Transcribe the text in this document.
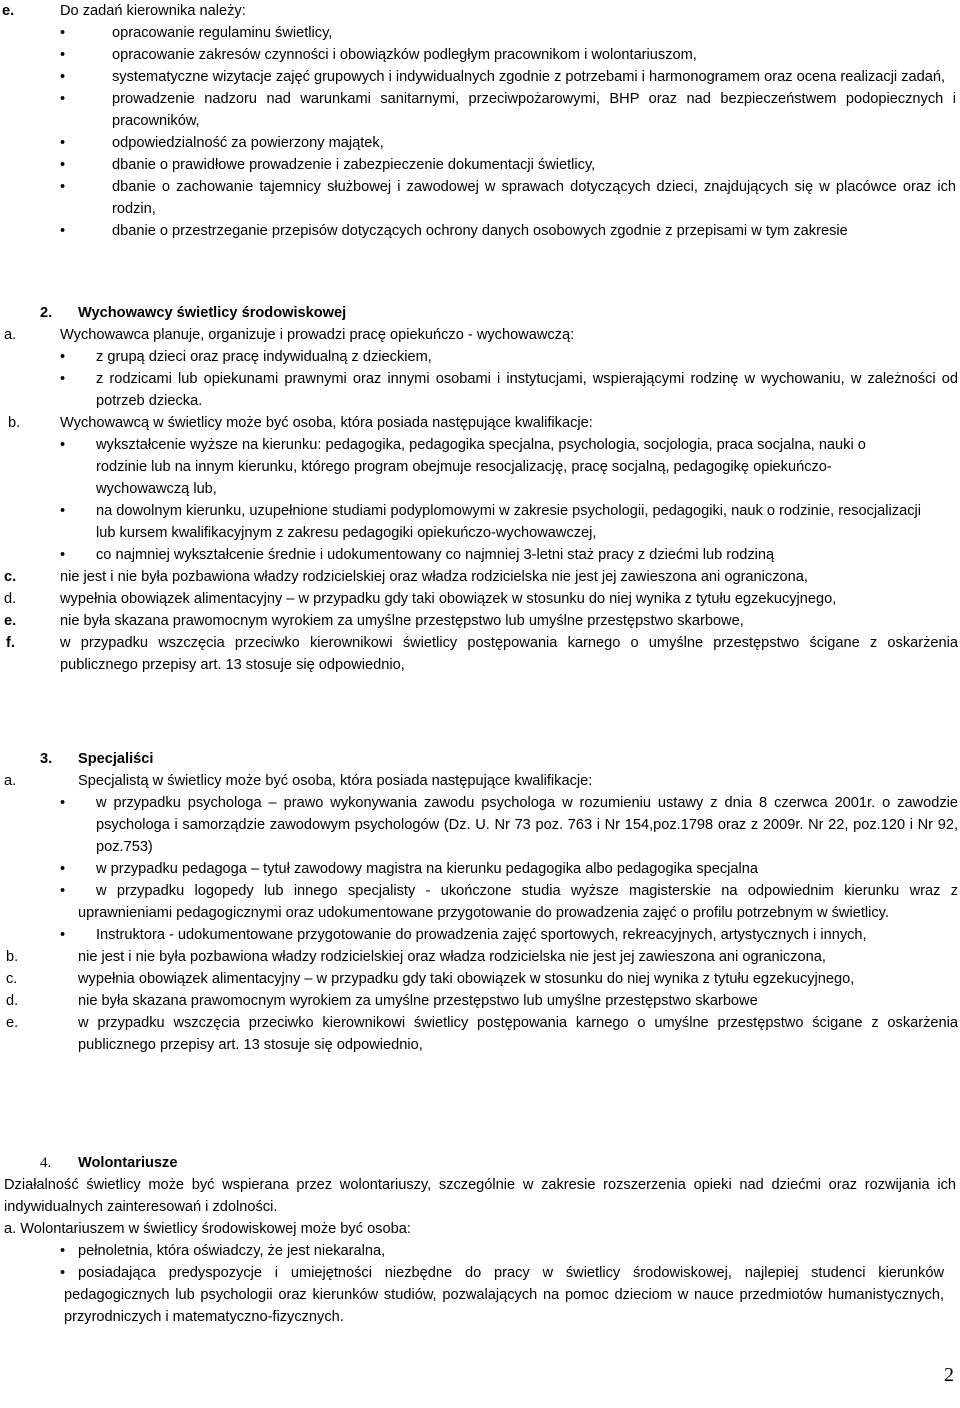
e.	Do zadań kierownika należy:
•	opracowanie regulaminu świetlicy,
•	opracowanie zakresów czynności i obowiązków podległym pracownikom i wolontariuszom,
•	systematyczne wizytacje zajęć grupowych i indywidualnych zgodnie z potrzebami i harmonogramem oraz ocena realizacji zadań,
•	prowadzenie nadzoru nad warunkami sanitarnymi, przeciwpożarowymi, BHP oraz nad bezpieczeństwem podopiecznych i pracowników,
•	odpowiedzialność za powierzony majątek,
•	dbanie o prawidłowe prowadzenie i zabezpieczenie dokumentacji świetlicy,
•	dbanie o zachowanie tajemnicy służbowej i zawodowej w sprawach dotyczących dzieci, znajdujących się w placówce oraz ich rodzin,
•	dbanie o przestrzeganie przepisów dotyczących ochrony danych osobowych zgodnie z przepisami w tym zakresie
2. Wychowawcy świetlicy środowiskowej
a.	Wychowawca planuje, organizuje i prowadzi pracę opiekuńczo - wychowawczą:
• z grupą dzieci oraz pracę indywidualną z dzieckiem,
• z rodzicami lub opiekunami prawnymi oraz innymi osobami i instytucjami, wspierającymi rodzinę w wychowaniu, w zależności od potrzeb dziecka.
b.	Wychowawcą w świetlicy może być osoba, która posiada następujące kwalifikacje:
• wykształcenie wyższe na kierunku: pedagogika, pedagogika specjalna, psychologia, socjologia, praca socjalna, nauki o rodzinie lub na innym kierunku, którego program obejmuje resocjalizację, pracę socjalną, pedagogikę opiekuńczo-wychowawczą lub,
• na dowolnym kierunku, uzupełnione studiami podyplomowymi w zakresie psychologii, pedagogiki, nauk o rodzinie, resocjalizacji lub kursem kwalifikacyjnym z zakresu pedagogiki opiekuńczo-wychowawczej,
• co najmniej wykształcenie średnie i udokumentowany co najmniej 3-letni staż pracy z dziećmi lub rodziną
c.	nie jest i nie była pozbawiona władzy rodzicielskiej oraz władza rodzicielska nie jest jej zawieszona ani ograniczona,
d.	wypełnia obowiązek alimentacyjny – w przypadku gdy taki obowiązek w stosunku do niej wynika z tytułu egzekucyjnego,
e.	nie była skazana prawomocnym wyrokiem za umyślne przestępstwo lub umyślne przestępstwo skarbowe,
f.	w przypadku wszczęcia przeciwko kierownikowi świetlicy postępowania karnego o umyślne przestępstwo ścigane z oskarżenia publicznego przepisy art. 13 stosuje się odpowiednio,
3. Specjaliści
a.	Specjalistą w świetlicy może być osoba, która posiada następujące kwalifikacje:
• w przypadku psychologa – prawo wykonywania zawodu psychologa w rozumieniu ustawy z dnia 8 czerwca 2001r. o zawodzie psychologa i samorządzie zawodowym psychologów (Dz. U. Nr 73 poz. 763 i Nr 154,poz.1798 oraz z 2009r. Nr 22, poz.120 i Nr 92, poz.753)
• w przypadku pedagoga – tytuł zawodowy magistra na kierunku pedagogika albo pedagogika specjalna
•	w przypadku logopedy lub innego specjalisty - ukończone studia wyższe magisterskie na odpowiednim kierunku wraz z uprawnieniami pedagogicznymi oraz udokumentowane przygotowanie do prowadzenia zajęć o profilu potrzebnym w świetlicy.
•	Instruktora - udokumentowane przygotowanie do prowadzenia zajęć sportowych, rekreacyjnych, artystycznych i innych,
b.	nie jest i nie była pozbawiona władzy rodzicielskiej oraz władza rodzicielska nie jest jej zawieszona ani ograniczona,
c.	wypełnia obowiązek alimentacyjny – w przypadku gdy taki obowiązek w stosunku do niej wynika z tytułu egzekucyjnego,
d.	nie była skazana prawomocnym wyrokiem za umyślne przestępstwo lub umyślne przestępstwo skarbowe
e.	w przypadku wszczęcia przeciwko kierownikowi świetlicy postępowania karnego o umyślne przestępstwo ścigane z oskarżenia publicznego przepisy art. 13 stosuje się odpowiednio,
4. Wolontariusze
Działalność świetlicy może być wspierana przez wolontariuszy, szczególnie w zakresie rozszerzenia opieki nad dziećmi oraz rozwijania ich indywidualnych zainteresowań i zdolności.
a. Wolontariuszem w świetlicy środowiskowej może być osoba:
• pełnoletnia, która oświadczy, że jest niekaralna,
• posiadająca predyspozycje i umiejętności niezbędne do pracy w świetlicy środowiskowej, najlepiej studenci kierunków pedagogicznych lub psychologii oraz kierunków studiów, pozwalających na pomoc dzieciom w nauce przedmiotów humanistycznych, przyrodniczych i matematyczno-fizycznych.
2
